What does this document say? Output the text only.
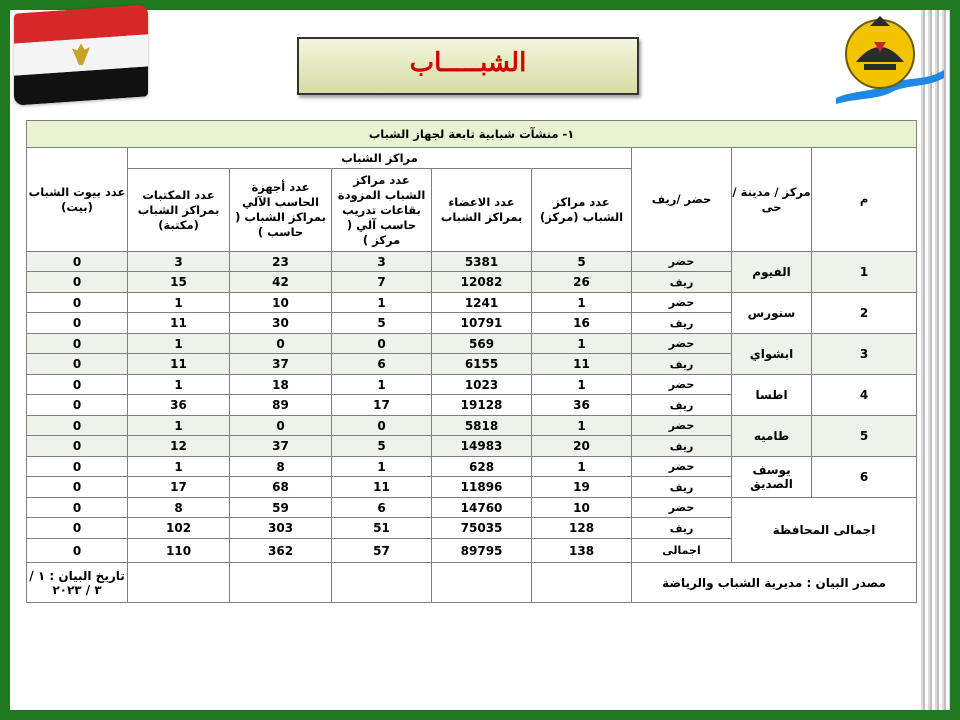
الشبـــــاب
١- منشآت شبابية تابعة لجهاز الشباب								
م	مركز / مدينة / حى	حضر /ريف	مراكز الشباب					عدد بيوت الشباب (بيت)
			عدد مراكز الشباب (مركز)	عدد الاعضاء بمراكز الشباب	عدد مراكز الشباب المزودة بقاعات تدريب حاسب آلي ( مركز )	عدد أجهزة الحاسب الآلي بمراكز الشباب ( حاسب )	عدد المكتبات بمراكز الشباب (مكتبة)	
1	الفيوم	حضر	5	5381	3	23	3	0
		ريف	26	12082	7	42	15	0
2	سنورس	حضر	1	1241	1	10	1	0
		ريف	16	10791	5	30	11	0
3	ابشواي	حضر	1	569	0	0	1	0
		ريف	11	6155	6	37	11	0
4	اطسا	حضر	1	1023	1	18	1	0
		ريف	36	19128	17	89	36	0
5	طاميه	حضر	1	5818	0	0	1	0
		ريف	20	14983	5	37	12	0
6	يوسف الصديق	حضر	1	628	1	8	1	0
		ريف	19	11896	11	68	17	0
اجمالى المحافظة		حضر	10	14760	6	59	8	0
		ريف	128	75035	51	303	102	0
		اجمالى	138	89795	57	362	110	0
مصدر البيان : مديرية الشباب والرياضة								تاريخ البيان : ١ /٣ / ٢٠٢٣
